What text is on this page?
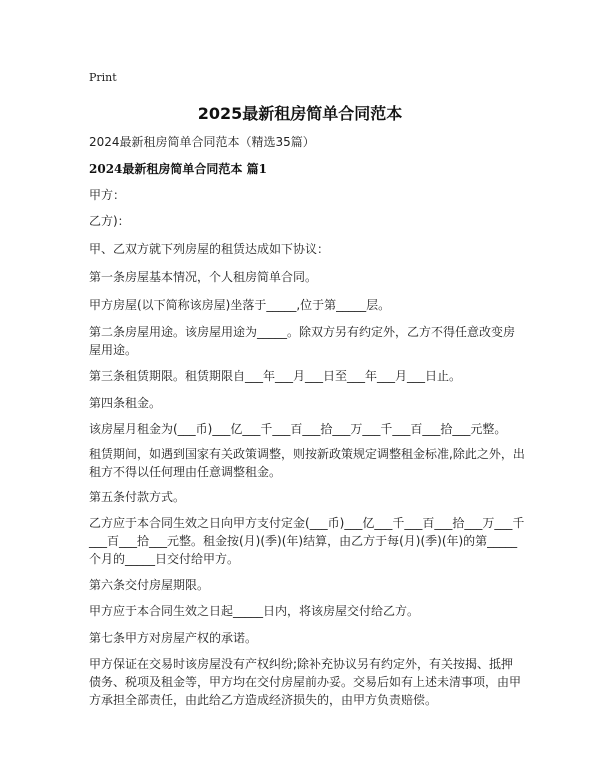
Print
2025最新租房简单合同范本
2024最新租房简单合同范本（精选35篇）
2024最新租房简单合同范本 篇1
甲方：
乙方)：
甲、乙双方就下列房屋的租赁达成如下协议：
第一条房屋基本情况，个人租房简单合同。
甲方房屋(以下简称该房屋)坐落于_____,位于第_____层。
第二条房屋用途。该房屋用途为_____。除双方另有约定外，乙方不得任意改变房屋用途。
第三条租赁期限。租赁期限自___年___月___日至___年___月___日止。
第四条租金。
该房屋月租金为(___币)___亿___千___百___拾___万___千___百___拾___元整。
租赁期间，如遇到国家有关政策调整，则按新政策规定调整租金标准,除此之外，出租方不得以任何理由任意调整租金。
第五条付款方式。
乙方应于本合同生效之日向甲方支付定金(___币)___亿___千___百___拾___万___千___百___拾___元整。租金按(月)(季)(年)结算，由乙方于每(月)(季)(年)的第_____个月的_____日交付给甲方。
第六条交付房屋期限。
甲方应于本合同生效之日起_____日内，将该房屋交付给乙方。
第七条甲方对房屋产权的承诺。
甲方保证在交易时该房屋没有产权纠纷;除补充协议另有约定外，有关按揭、抵押债务、税项及租金等，甲方均在交付房屋前办妥。交易后如有上述未清事项，由甲方承担全部责任，由此给乙方造成经济损失的，由甲方负责赔偿。
